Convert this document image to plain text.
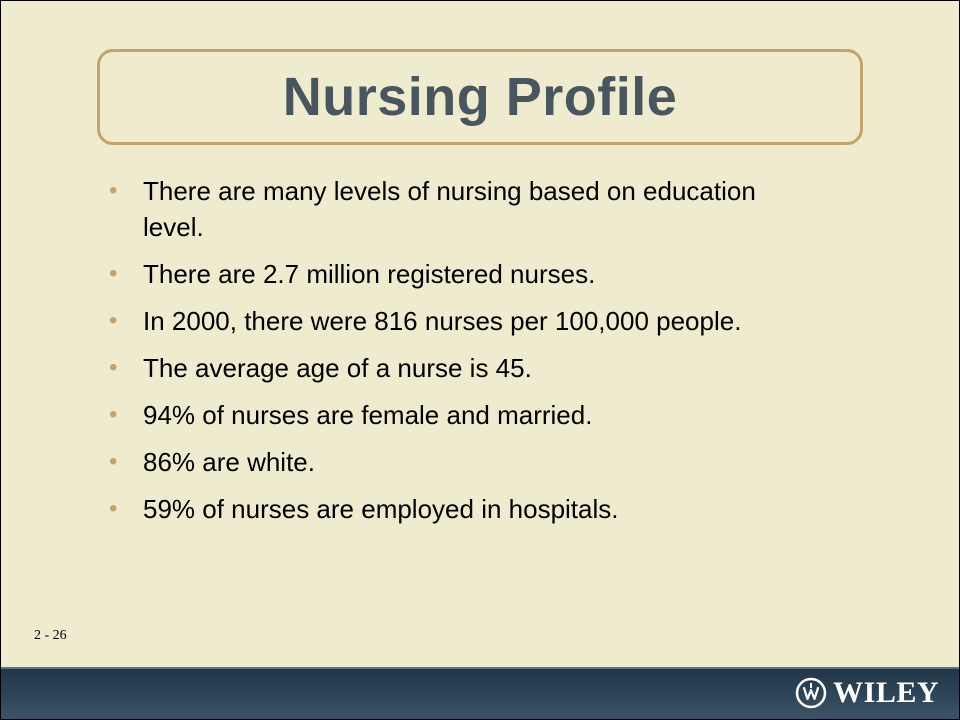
Nursing Profile
• There are many levels of nursing based on education level.
• There are 2.7 million registered nurses.
• In 2000, there were 816 nurses per 100,000 people.
• The average age of a nurse is 45.
• 94% of nurses are female and married.
• 86% are white.
• 59% of nurses are employed in hospitals.
2 - 26
WILEY
